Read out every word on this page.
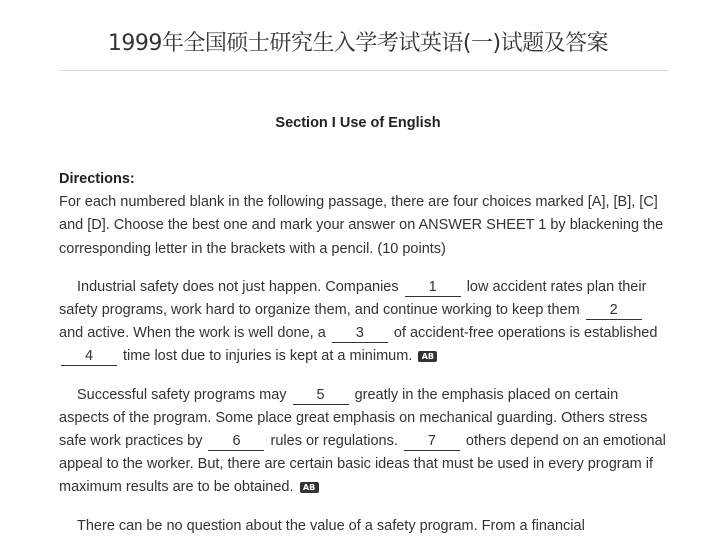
1999年全国硕士研究生入学考试英语(一)试题及答案
Section I Use of English

Directions:
For each numbered blank in the following passage, there are four choices marked [A], [B], [C] and [D]. Choose the best one and mark your answer on ANSWER SHEET 1 by blackening the corresponding letter in the brackets with a pencil. (10 points)

Industrial safety does not just happen. Companies 1 low accident rates plan their safety programs, work hard to organize them, and continue working to keep them 2 and active. When the work is well done, a 3 of accident-free operations is established 4 time lost due to injuries is kept at a minimum. AB

Successful safety programs may 5 greatly in the emphasis placed on certain aspects of the program. Some place great emphasis on mechanical guarding. Others stress safe work practices by 6 rules or regulations. 7 others depend on an emotional appeal to the worker. But, there are certain basic ideas that must be used in every program if maximum results are to be obtained. AB

There can be no question about the value of a safety program. From a financial
